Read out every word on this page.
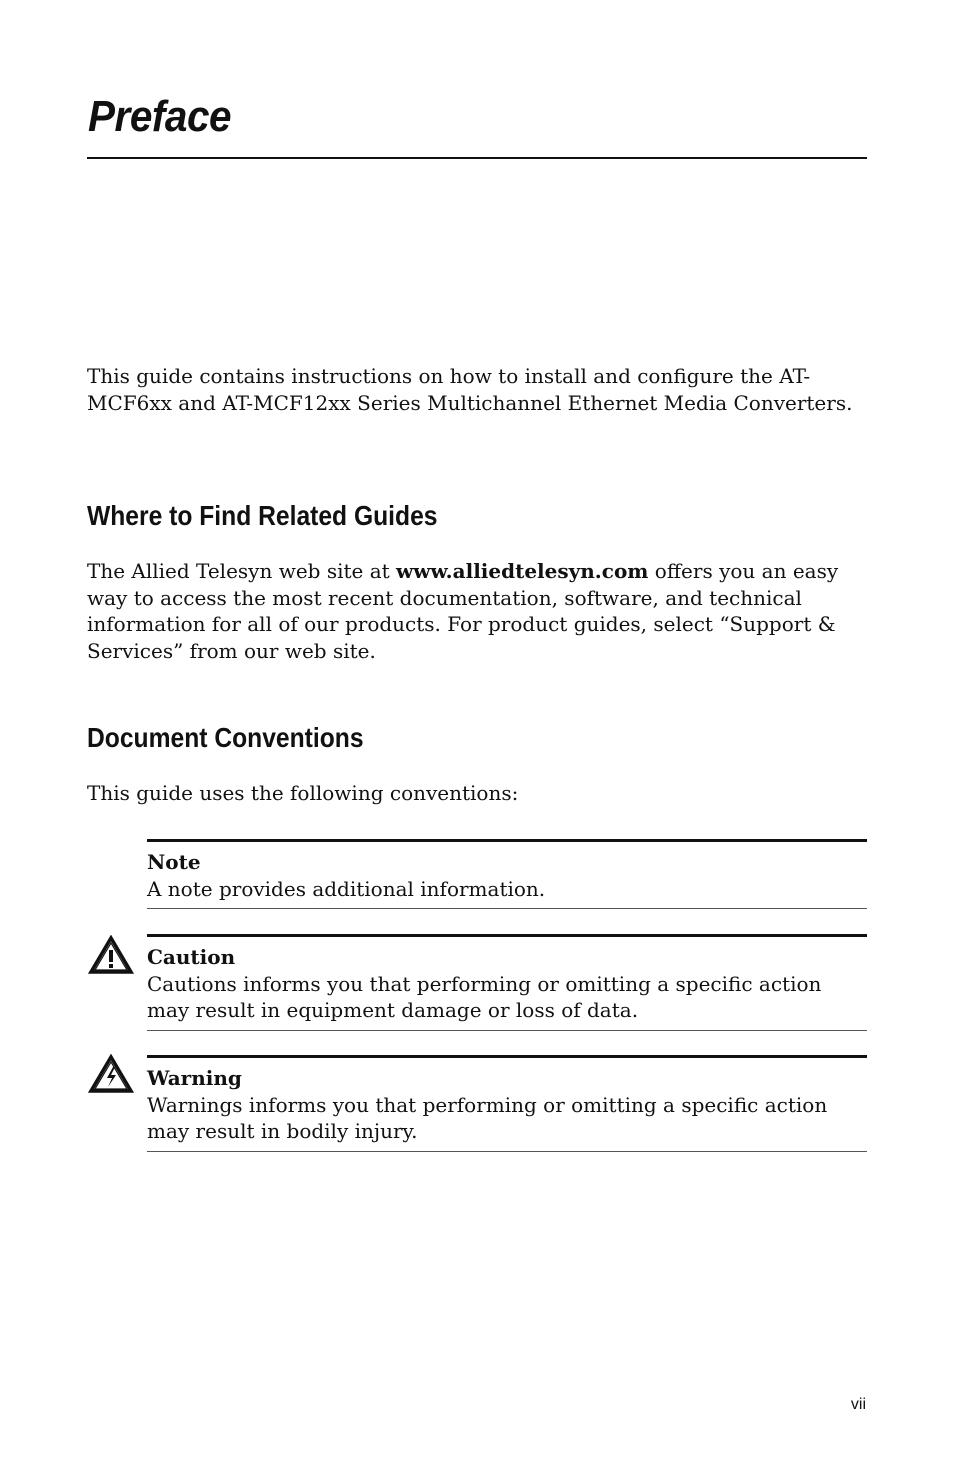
Preface

This guide contains instructions on how to install and configure the AT-MCF6xx and AT-MCF12xx Series Multichannel Ethernet Media Converters.

Where to Find Related Guides

The Allied Telesyn web site at www.alliedtelesyn.com offers you an easy way to access the most recent documentation, software, and technical information for all of our products. For product guides, select “Support & Services” from our web site.

Document Conventions

This guide uses the following conventions:

Note
A note provides additional information.
Caution
Cautions informs you that performing or omitting a specific action may result in equipment damage or loss of data.
Warning
Warnings informs you that performing or omitting a specific action may result in bodily injury.
vii
